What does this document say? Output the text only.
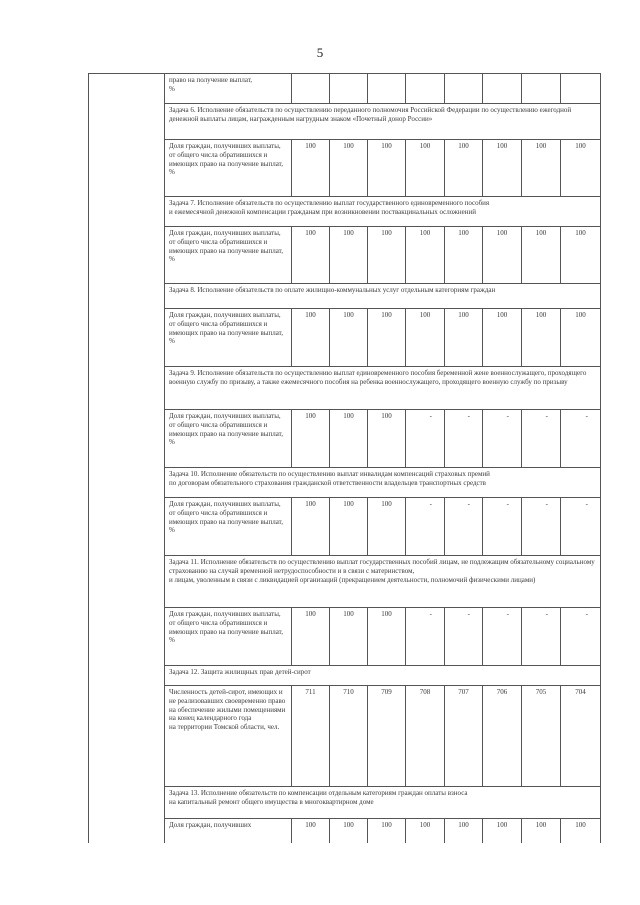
5
	право на получение выплат,
%								
	Задача 6. Исполнение обязательств по осуществлению переданного полномочия Российской Федерации по осуществлению ежегодной денежной выплаты лицам, награжденным нагрудным знаком «Почетный донор России»								
	Доля граждан, получивших выплаты, от общего числа обратившихся и имеющих право на получение выплат,
%	100	100	100	100	100	100	100	100
	Задача 7. Исполнение обязательств по осуществлению выплат государственного единовременного пособия
и ежемесячной денежной компенсации гражданам при возникновении поствакцинальных осложнений								
	Доля граждан, получивших выплаты, от общего числа обратившихся и имеющих право на получение выплат,
%	100	100	100	100	100	100	100	100
	Задача 8. Исполнение обязательств по оплате жилищно-коммунальных услуг отдельным категориям граждан								
	Доля граждан, получивших выплаты, от общего числа обратившихся и имеющих право на получение выплат,
%	100	100	100	100	100	100	100	100
	Задача 9. Исполнение обязательств по осуществлению выплат единовременного пособия беременной жене военнослужащего, проходящего военную службу по призыву, а также ежемесячного пособия на ребенка военнослужащего, проходящего военную службу по призыву								
	Доля граждан, получивших выплаты, от общего числа обратившихся и имеющих право на получение выплат,
%	100	100	100	-	-	-	-	-
	Задача 10. Исполнение обязательств по осуществлению выплат инвалидам компенсаций страховых премий
по договорам обязательного страхования гражданской ответственности владельцев транспортных средств								
	Доля граждан, получивших выплаты, от общего числа обратившихся и имеющих право на получение выплат,
%	100	100	100	-	-	-	-	-
	Задача 11. Исполнение обязательств по осуществлению выплат государственных пособий лицам, не подлежащим обязательному социальному страхованию на случай временной нетрудоспособности и в связи с материнством,
и лицам, уволенным в связи с ликвидацией организаций (прекращением деятельности, полномочий физическими лицами)								
	Доля граждан, получивших выплаты, от общего числа обратившихся и имеющих право на получение выплат,
%	100	100	100	-	-	-	-	-
	Задача 12. Защита жилищных прав детей-сирот								
	Численность детей-сирот, имеющих и не реализовавших своевременно право
на обеспечение жилыми помещениями на конец календарного года
на территории Томской области, чел.	711	710	709	708	707	706	705	704
	Задача 13. Исполнение обязательств по компенсации отдельным категориям граждан оплаты взноса
на капитальный ремонт общего имущества в многоквартирном доме								
	Доля граждан, получивших	100	100	100	100	100	100	100	100
